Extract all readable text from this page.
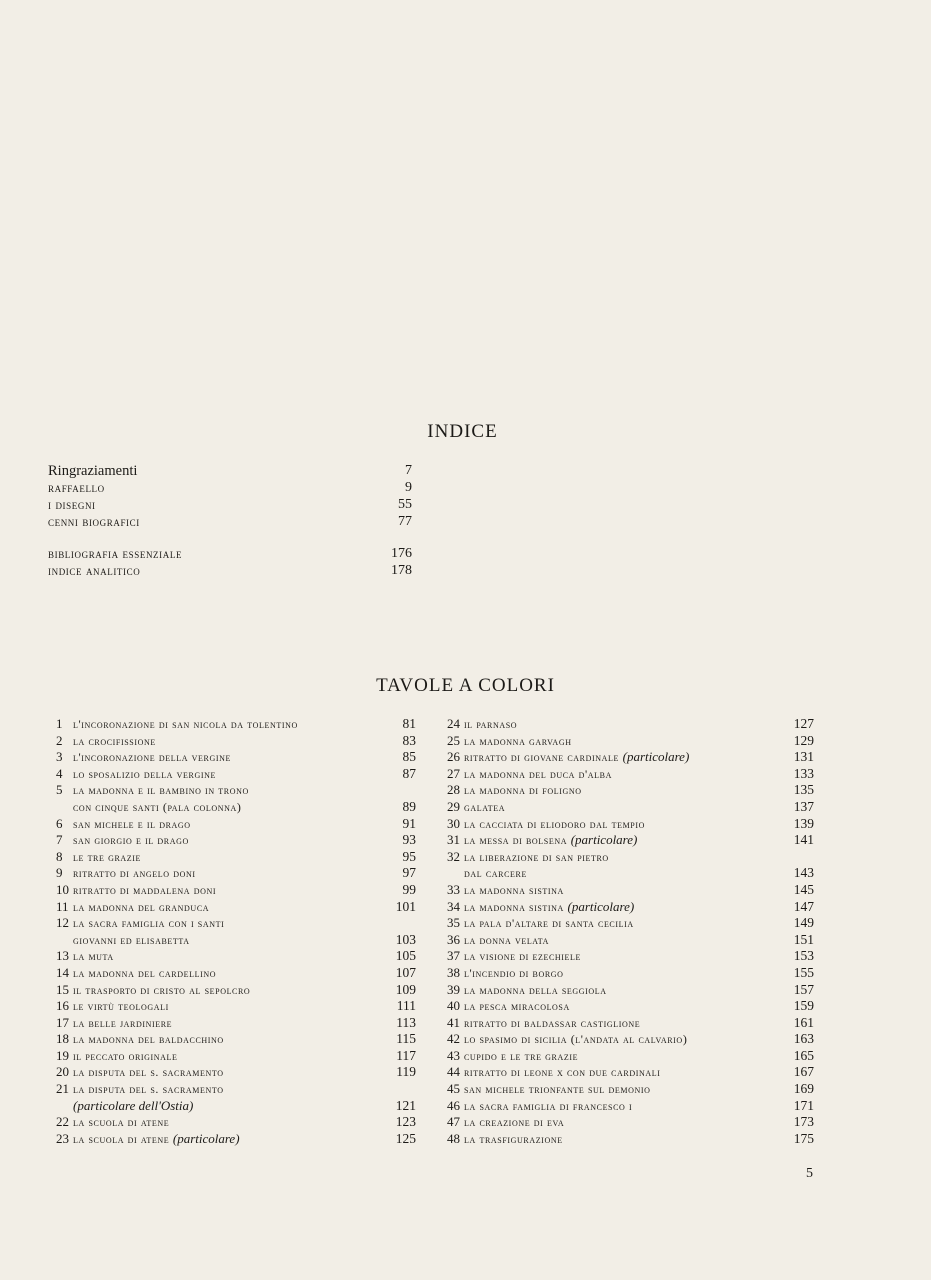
INDICE
Ringraziamenti	7
raffaello	9
i disegni	55
cenni biografici	77
bibliografia essenziale	176
indice analitico	178
TAVOLE A COLORI
1 l'incoronazione di san nicola da tolentino	81
2 la crocifissione	83
3 l'incoronazione della vergine	85
4 lo sposalizio della vergine	87
5 la madonna e il bambino in trono
con cinque santi (pala colonna)	89
6 san michele e il drago	91
7 san giorgio e il drago	93
8 le tre grazie	95
9 ritratto di angelo doni	97
10 ritratto di maddalena doni	99
11 la madonna del granduca	101
12 la sacra famiglia con i santi
giovanni ed elisabetta	103
13 la muta	105
14 la madonna del cardellino	107
15 il trasporto di cristo al sepolcro	109
16 le virtù teologali	111
17 la belle jardiniere	113
18 la madonna del baldacchino	115
19 il peccato originale	117
20 la disputa del s. sacramento	119
21 la disputa del s. sacramento
(particolare dell'Ostia)	121
22 la scuola di atene	123
23 la scuola di atene (particolare)	125
24 il parnaso	127
25 la madonna garvagh	129
26 ritratto di giovane cardinale (particolare)	131
27 la madonna del duca d'alba	133
28 la madonna di foligno	135
29 galatea	137
30 la cacciata di eliodoro dal tempio	139
31 la messa di bolsena (particolare)	141
32 la liberazione di san pietro
dal carcere	143
33 la madonna sistina	145
34 la madonna sistina (particolare)	147
35 la pala d'altare di santa cecilia	149
36 la donna velata	151
37 la visione di ezechiele	153
38 l'incendio di borgo	155
39 la madonna della seggiola	157
40 la pesca miracolosa	159
41 ritratto di baldassar castiglione	161
42 lo spasimo di sicilia (l'andata al calvario)	163
43 cupido e le tre grazie	165
44 ritratto di leone x con due cardinali	167
45 san michele trionfante sul demonio	169
46 la sacra famiglia di francesco i	171
47 la creazione di eva	173
48 la trasfigurazione	175
5
